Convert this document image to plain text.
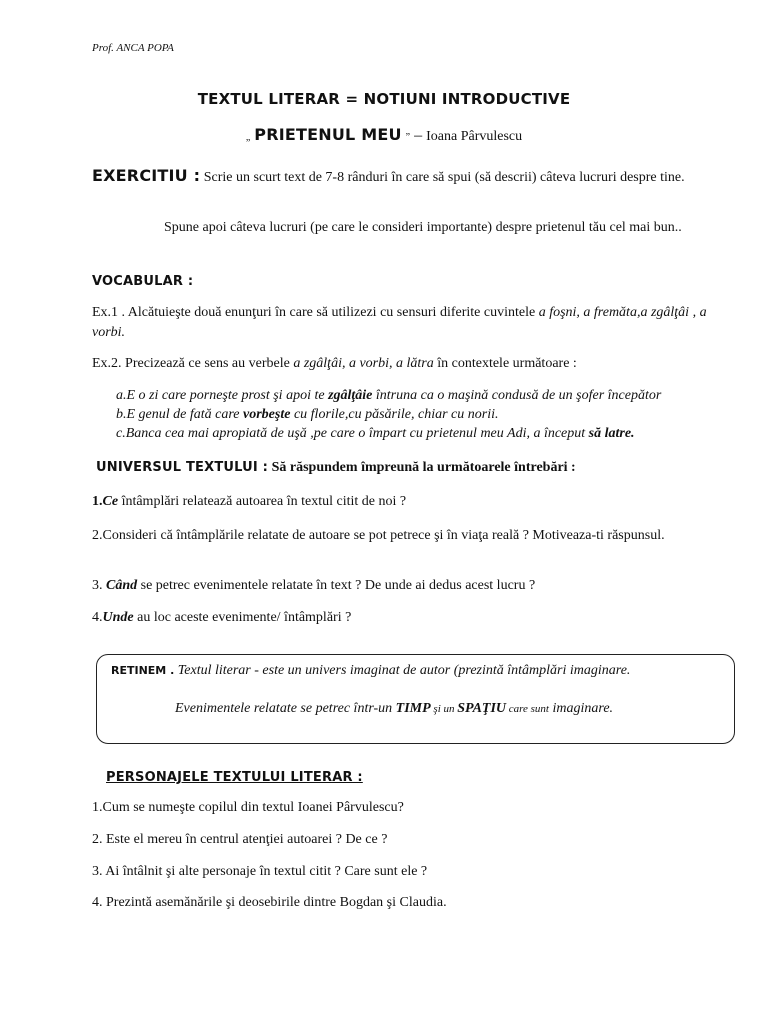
Prof. ANCA POPA
TEXTUL LITERAR = NOTIUNI INTRODUCTIVE
„ PRIETENUL MEU ” – Ioana Pârvulescu
EXERCITIU : Scrie un scurt text de 7-8 rânduri în care să spui (să descrii) câteva lucruri despre tine.
Spune apoi câteva lucruri (pe care le consideri importante) despre prietenul tău cel mai bun..
VOCABULAR :
Ex.1 . Alcătuieşte două enunţuri în care să utilizezi cu sensuri diferite cuvintele a foşni, a fremăta,a zgâlţâi , a vorbi.
Ex.2. Precizează ce sens au verbele a zgâlţâi, a vorbi, a lătra în contextele următoare :
a.E o zi care porneşte prost şi apoi te zgâlţâie întruna ca o maşină condusă de un şofer începător
b.E genul de fată care vorbeşte cu florile,cu păsările, chiar cu norii.
c.Banca cea mai apropiată de uşă ,pe care o împart cu prietenul meu Adi, a început să latre.
UNIVERSUL TEXTULUI : Să răspundem împreună la următoarele întrebări :
1.Ce întâmplări relatează autoarea în textul citit de noi ?
2.Consideri că întâmplările relatate de autoare se pot petrece şi în viaţa reală ? Motiveaza-ti răspunsul.
3. Când se petrec evenimentele relatate în text ? De unde ai dedus acest lucru ?
4.Unde au loc aceste evenimente/ întâmplări ?
RETINEM . Textul literar - este un univers imaginat de autor (prezintă întâmplări imaginare.
Evenimentele relatate se petrec într-un TIMP şi un SPAŢIU care sunt imaginare.
PERSONAJELE TEXTULUI LITERAR :
1.Cum se numeşte copilul din textul Ioanei Pârvulescu?
2. Este el mereu în centrul atenţiei autoarei ? De ce ?
3. Ai întâlnit şi alte personaje în textul citit ? Care sunt ele ?
4. Prezintă asemănările şi deosebirile dintre Bogdan şi Claudia.
